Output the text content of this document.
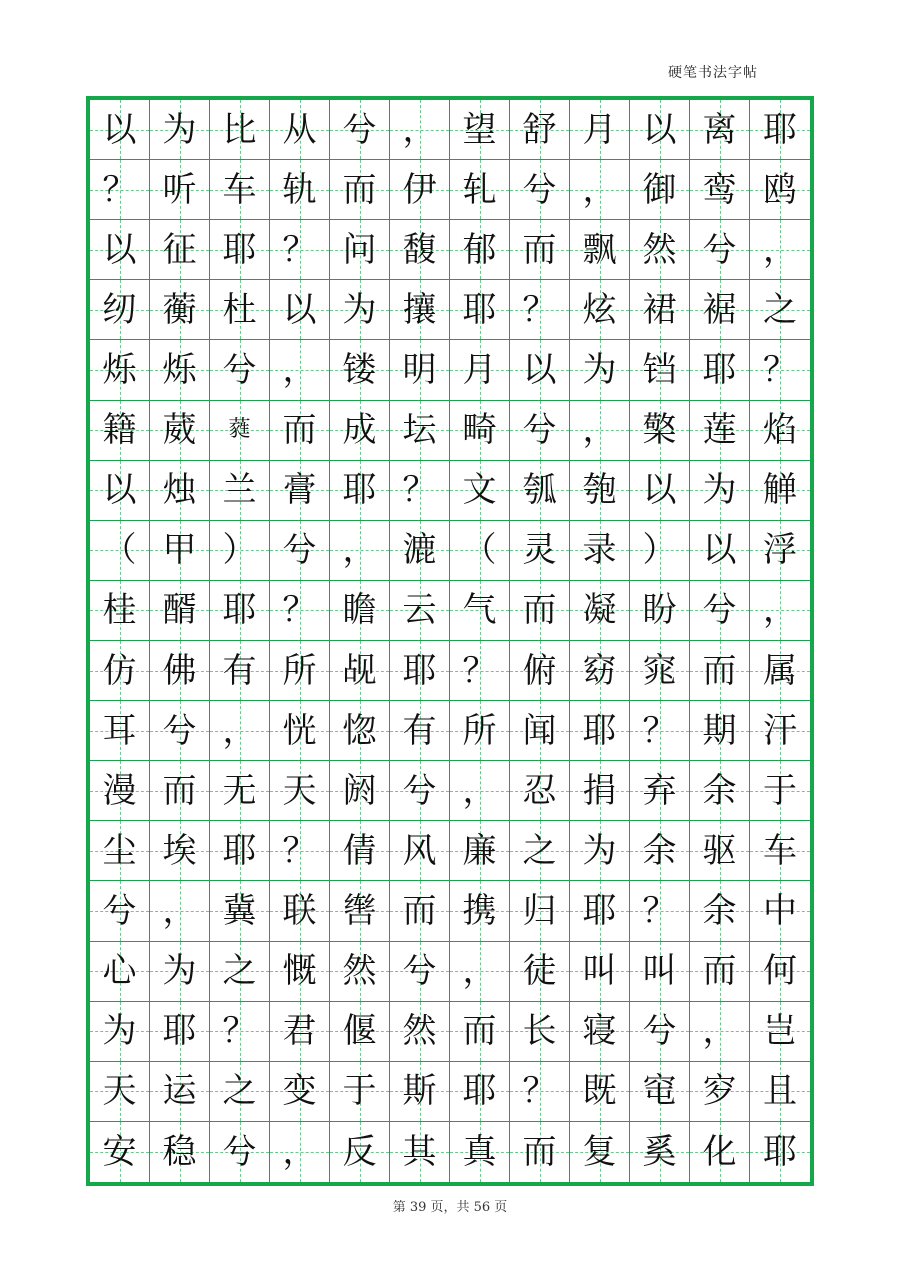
硬笔书法字帖
以 为 比 从 兮 ， 望 舒 月 以 离 耶
？ 听 车 轨 而 伊 轧 兮 ， 御 鸾 鸥
以 征 耶 ？ 问 馥 郁 而 飘 然 兮 ，
纫 蘅 杜 以 为 攘 耶 ？ 炫 裙 裾 之
烁 烁 兮 ， 镂 明 月 以 为 铛 耶 ？
籍 葳 蕤 而 成 坛 畸 兮 ， 檠 莲 焰
以 烛 兰 膏 耶 ？ 文 瓠 匏 以 为 觯
（ 甲 ） 兮 ， 漉 （ 灵 录 ） 以 浮
桂 醑 耶 ？ 瞻 云 气 而 凝 盼 兮 ，
仿 佛 有 所 觇 耶 ？ 俯 窈 窕 而 属
耳 兮 ， 恍 惚 有 所 闻 耶 ？ 期 汗
漫 而 无 天 阏 兮 ， 忍 捐 弃 余 于
尘 埃 耶 ？ 倩 风 廉 之 为 余 驱 车
兮 ， 冀 联 辔 而 携 归 耶 ？ 余 中
心 为 之 慨 然 兮 ， 徒 叫 叫 而 何
为 耶 ？ 君 偃 然 而 长 寝 兮 ， 岂
天 运 之 变 于 斯 耶 ？ 既 窀 穸 且
安 稳 兮 ， 反 其 真 而 复 奚 化 耶
第 39 页，共 56 页
